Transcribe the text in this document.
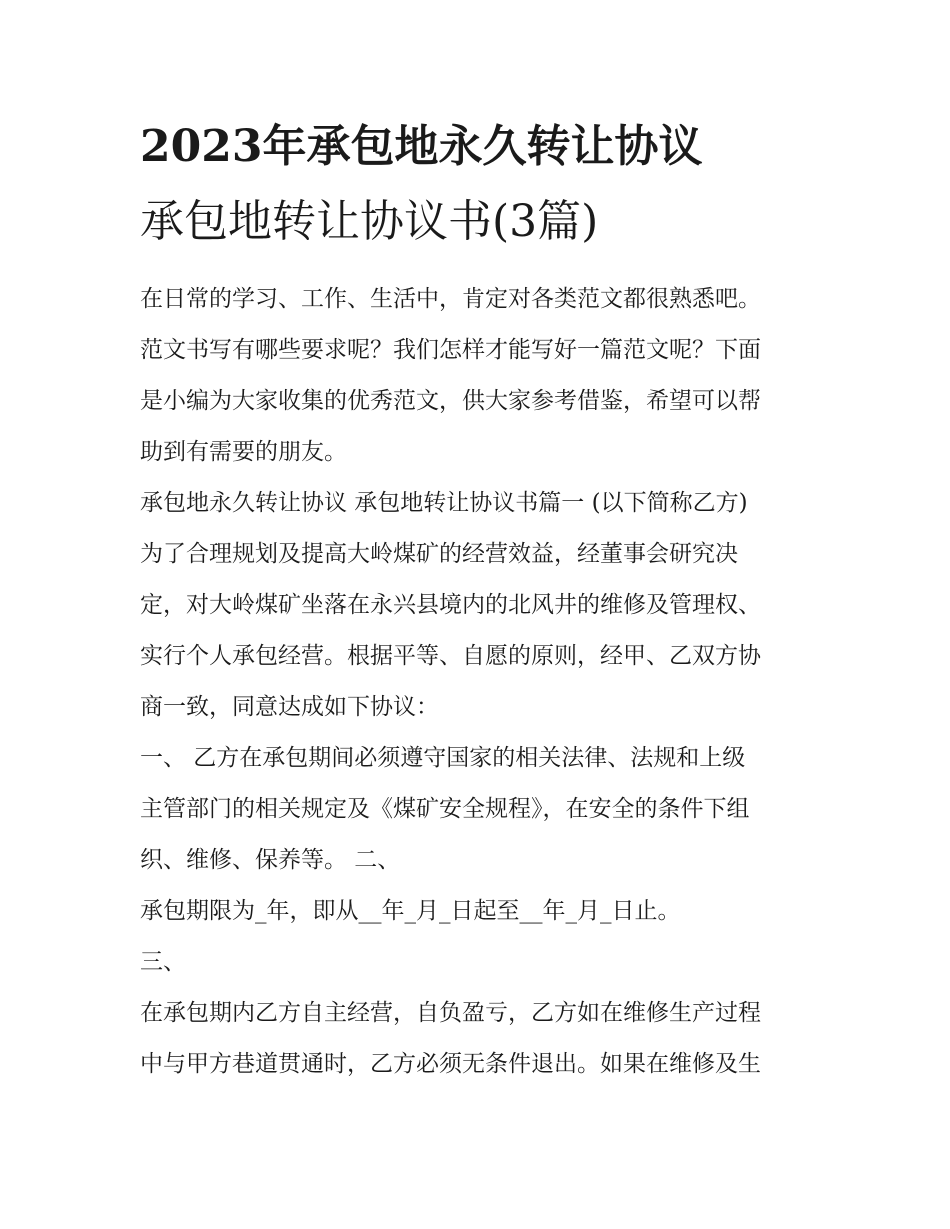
2023年承包地永久转让协议
承包地转让协议书(3篇)

在日常的学习、工作、生活中，肯定对各类范文都很熟悉吧。

范文书写有哪些要求呢？我们怎样才能写好一篇范文呢？下面

是小编为大家收集的优秀范文，供大家参考借鉴，希望可以帮

助到有需要的朋友。

承包地永久转让协议 承包地转让协议书篇一 (以下简称乙方)

为了合理规划及提高大岭煤矿的经营效益，经董事会研究决

定，对大岭煤矿坐落在永兴县境内的北风井的维修及管理权、

实行个人承包经营。根据平等、自愿的原则，经甲、乙双方协

商一致，同意达成如下协议：

一、 乙方在承包期间必须遵守国家的相关法律、法规和上级

主管部门的相关规定及《煤矿安全规程》，在安全的条件下组

织、维修、保养等。 二、

承包期限为_年，即从__年_月_日起至__年_月_日止。

三、

在承包期内乙方自主经营，自负盈亏，乙方如在维修生产过程

中与甲方巷道贯通时，乙方必须无条件退出。如果在维修及生
